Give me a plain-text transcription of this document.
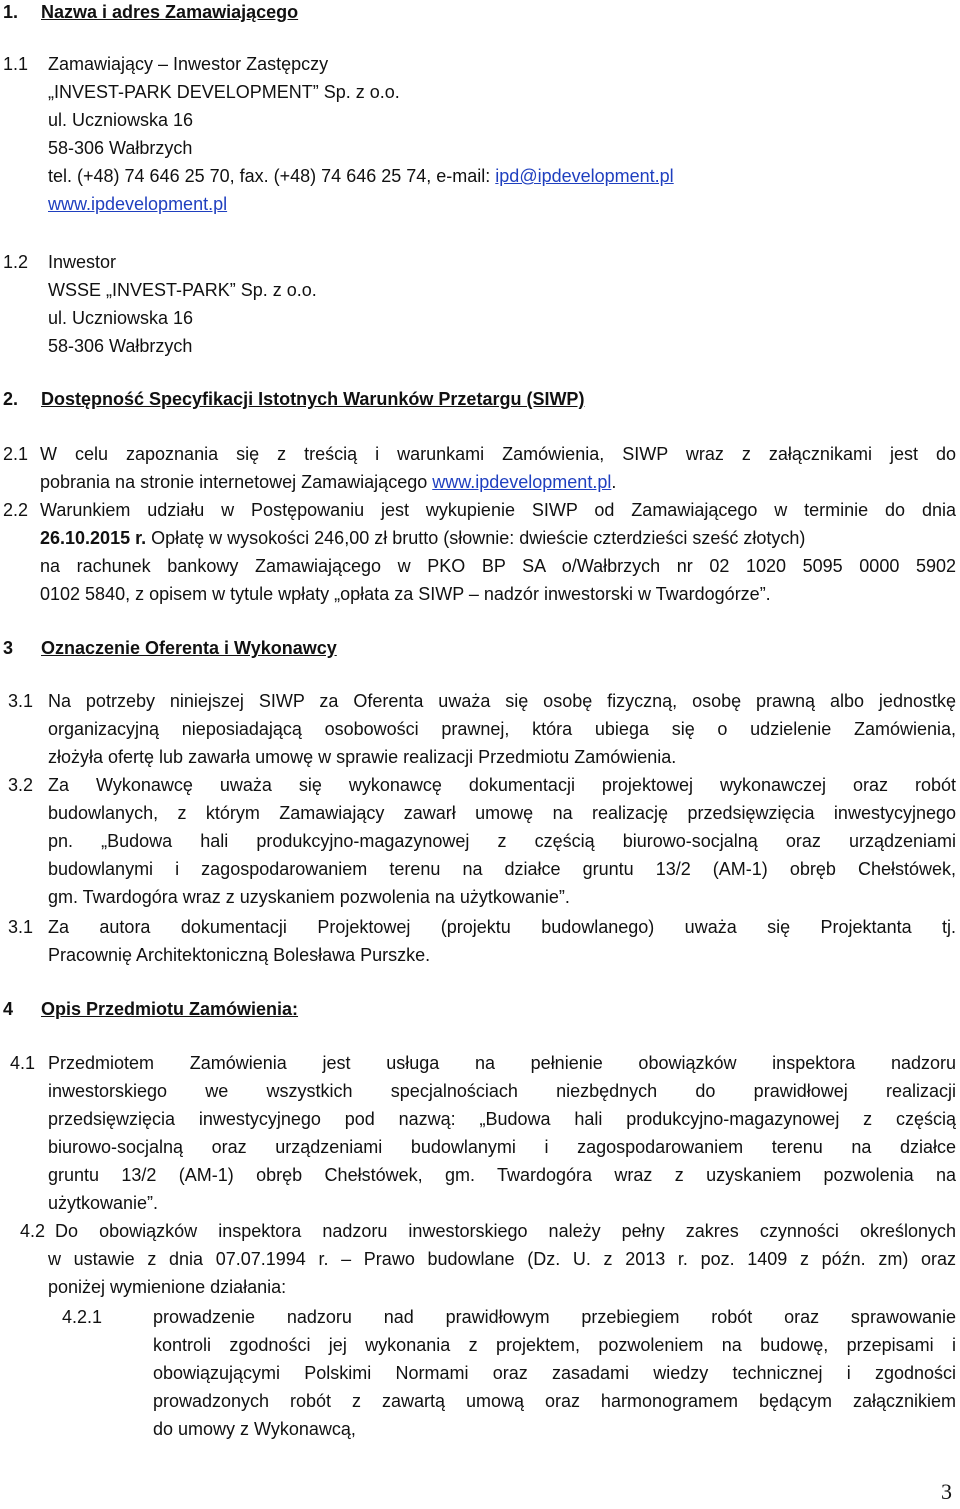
1. Nazwa i adres Zamawiającego
1.1 Zamawiający – Inwestor Zastępczy
„INVEST-PARK DEVELOPMENT” Sp. z o.o.
ul. Uczniowska 16
58-306 Wałbrzych
tel. (+48) 74 646 25 70, fax. (+48) 74 646 25 74, e-mail: ipd@ipdevelopment.pl
www.ipdevelopment.pl
1.2 Inwestor
WSSE „INVEST-PARK” Sp. z o.o.
ul. Uczniowska 16
58-306 Wałbrzych
2. Dostępność Specyfikacji Istotnych Warunków Przetargu (SIWP)
2.1 W celu zapoznania się z treścią i warunkami Zamówienia, SIWP wraz z załącznikami jest do
pobrania na stronie internetowej Zamawiającego www.ipdevelopment.pl.
2.2 Warunkiem udziału w Postępowaniu jest wykupienie SIWP od Zamawiającego w terminie do dnia
26.10.2015 r. Opłatę w wysokości 246,00 zł brutto (słownie: dwieście czterdzieści sześć złotych)
na rachunek bankowy Zamawiającego w PKO BP SA o/Wałbrzych nr 02 1020 5095 0000 5902
0102 5840, z opisem w tytule wpłaty „opłata za SIWP – nadzór inwestorski w Twardogórze”.
3 Oznaczenie Oferenta i Wykonawcy
3.1 Na potrzeby niniejszej SIWP za Oferenta uważa się osobę fizyczną, osobę prawną albo jednostkę
organizacyjną nieposiadającą osobowości prawnej, która ubiega się o udzielenie Zamówienia,
złożyła ofertę lub zawarła umowę w sprawie realizacji Przedmiotu Zamówienia.
3.2 Za Wykonawcę uważa się wykonawcę dokumentacji projektowej wykonawczej oraz robót
budowlanych, z którym Zamawiający zawarł umowę na realizację przedsięwzięcia inwestycyjnego
pn. „Budowa hali produkcyjno-magazynowej z częścią biurowo-socjalną oraz urządzeniami
budowlanymi i zagospodarowaniem terenu na działce gruntu 13/2 (AM-1) obręb Chełstówek,
gm. Twardogóra wraz z uzyskaniem pozwolenia na użytkowanie”.
3.1 Za autora dokumentacji Projektowej (projektu budowlanego) uważa się Projektanta tj.
Pracownię Architektoniczną Bolesława Purszke.
4 Opis Przedmiotu Zamówienia:
4.1 Przedmiotem Zamówienia jest usługa na pełnienie obowiązków inspektora nadzoru
inwestorskiego we wszystkich specjalnościach niezbędnych do prawidłowej realizacji
przedsięwzięcia inwestycyjnego pod nazwą: „Budowa hali produkcyjno-magazynowej z częścią
biurowo-socjalną oraz urządzeniami budowlanymi i zagospodarowaniem terenu na działce
gruntu 13/2 (AM-1) obręb Chełstówek, gm. Twardogóra wraz z uzyskaniem pozwolenia na
użytkowanie”.
4.2 Do obowiązków inspektora nadzoru inwestorskiego należy pełny zakres czynności określonych
w ustawie z dnia 07.07.1994 r. – Prawo budowlane (Dz. U. z 2013 r. poz. 1409 z późn. zm) oraz
poniżej wymienione działania:
4.2.1	prowadzenie nadzoru nad prawidłowym przebiegiem robót oraz sprawowanie
kontroli zgodności jej wykonania z projektem, pozwoleniem na budowę, przepisami i
obowiązującymi Polskimi Normami oraz zasadami wiedzy technicznej i zgodności
prowadzonych robót z zawartą umową oraz harmonogramem będącym załącznikiem
do umowy z Wykonawcą,
3
